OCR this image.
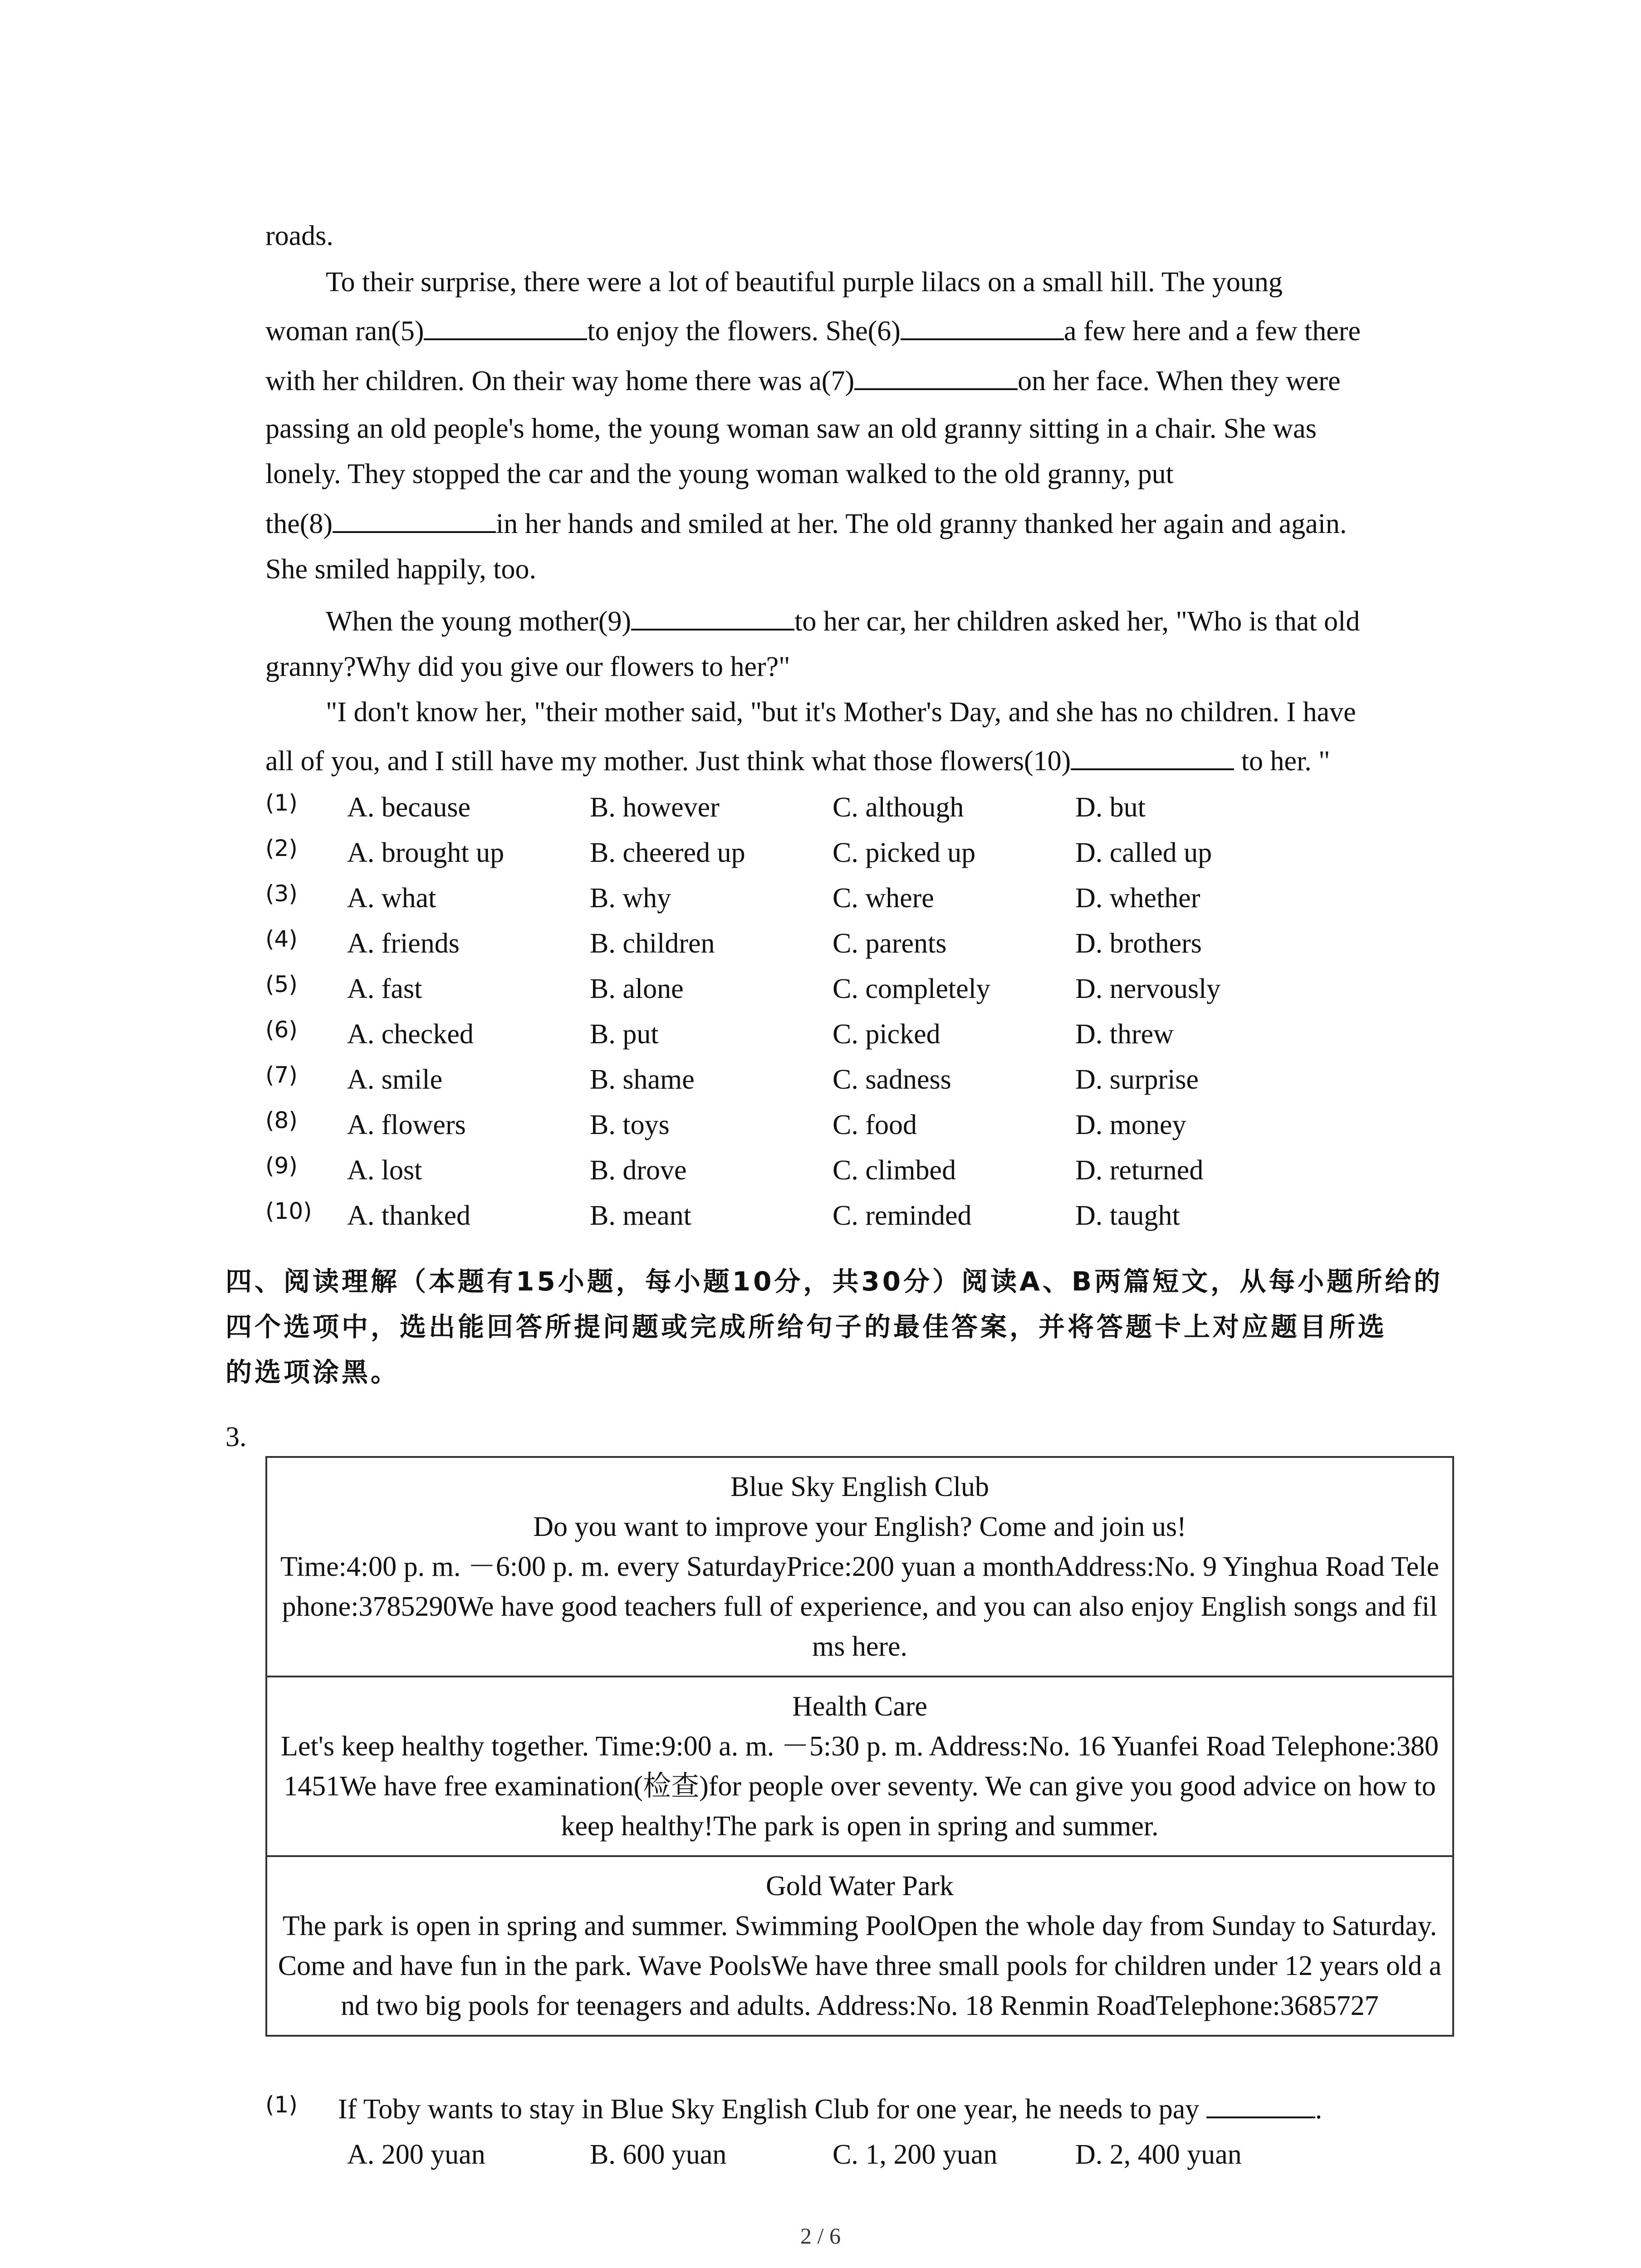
roads.
To their surprise, there were a lot of beautiful purple lilacs on a small hill. The young
woman ran(5)	to enjoy the flowers. She(6)	a few here and a few there
with her children. On their way home there was a(7)	on her face. When they were
passing an old people's home, the young woman saw an old granny sitting in a chair. She was
lonely. They stopped the car and the young woman walked to the old granny, put
the(8)	in her hands and smiled at her. The old granny thanked her again and again.
She smiled happily, too.
When the young mother(9)	to her car, her children asked her, "Who is that old
granny?Why did you give our flowers to her?"
"I don't know her, "their mother said, "but it's Mother's Day, and she has no children. I have
all of you, and I still have my mother. Just think what those flowers(10)	to her. "
(1) A. because	B. however	C. although	D. but
(2) A. brought up	B. cheered up	C. picked up	D. called up
(3) A. what	B. why	C. where	D. whether
(4) A. friends	B. children	C. parents	D. brothers
(5) A. fast	B. alone	C. completely	D. nervously
(6) A. checked	B. put	C. picked	D. threw
(7) A. smile	B. shame	C. sadness	D. surprise
(8) A. flowers	B. toys	C. food	D. money
(9) A. lost	B. drove	C. climbed	D. returned
(10) A. thanked	B. meant	C. reminded	D. taught
四、阅读理解（本题有15小题，每小题10分，共30分）阅读A、B两篇短文，从每小题所给的
四个选项中，选出能回答所提问题或完成所给句子的最佳答案，并将答题卡上对应题目所选
的选项涂黑。
3.
Blue Sky English Club
Do you want to improve your English? Come and join us!
Time:4:00 p. m. －6:00 p. m. every SaturdayPrice:200 yuan a monthAddress:No. 9 Yinghua Road Telephone:3785290We have good teachers full of experience, and you can also enjoy English songs and films here.
Health Care
Let's keep healthy together. Time:9:00 a. m. －5:30 p. m. Address:No. 16 Yuanfei Road Telephone:3801451We have free examination(检查)for people over seventy. We can give you good advice on how to keep healthy!The park is open in spring and summer.
Gold Water Park
The park is open in spring and summer. Swimming PoolOpen the whole day from Sunday to Saturday. Come and have fun in the park. Wave PoolsWe have three small pools for children under 12 years old and two big pools for teenagers and adults. Address:No. 18 Renmin RoadTelephone:3685727
(1) If Toby wants to stay in Blue Sky English Club for one year, he needs to pay	.
A. 200 yuan	B. 600 yuan	C. 1, 200 yuan	D. 2, 400 yuan
2 / 6
